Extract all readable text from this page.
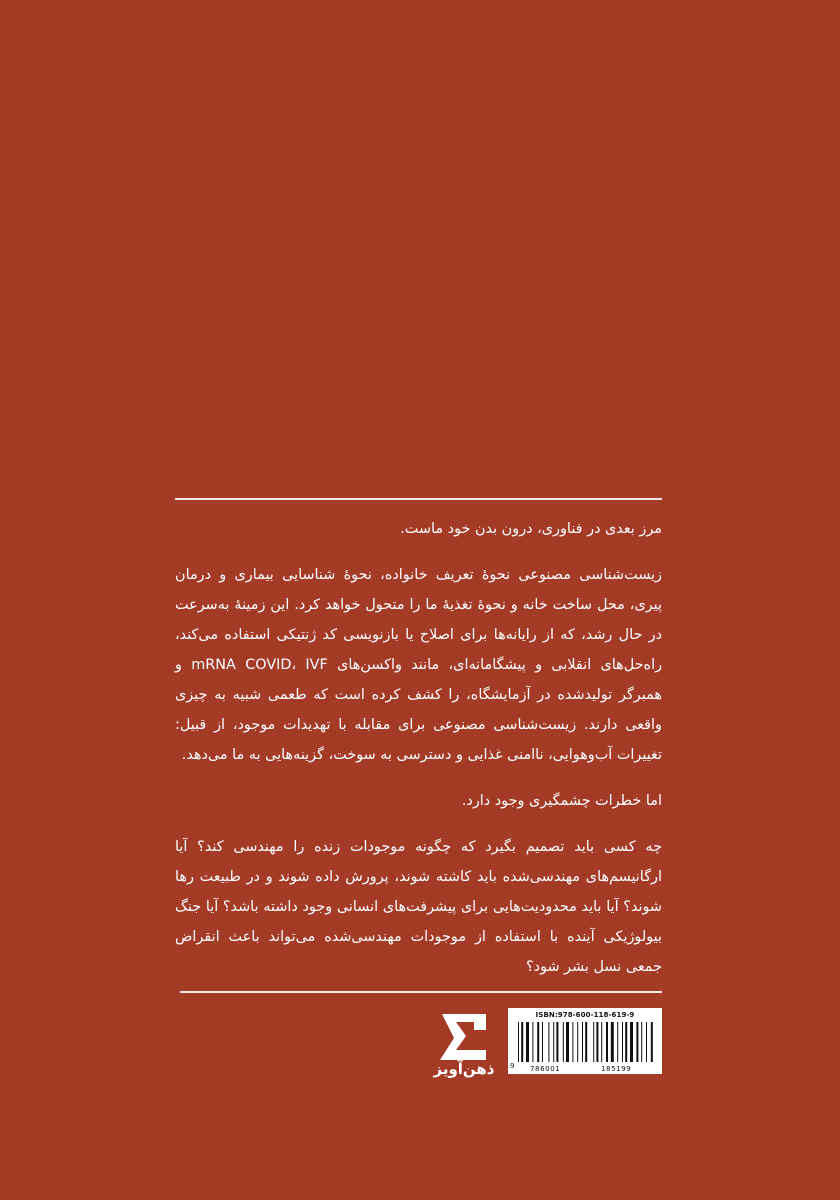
مرز بعدی در فناوری، درون بدن خود ماست.

زیست‌شناسی مصنوعی نحوهٔ تعریف خانواده، نحوهٔ شناسایی بیماری و درمان پیری، محل ساخت خانه و نحوهٔ تغذیهٔ ما را متحول خواهد کرد. این زمینهٔ به‌سرعت در حال رشد، که از رایانه‌ها برای اصلاح یا بازنویسی کد ژنتیکی استفاده می‌کند، راه‌حل‌های انقلابی و پیشگامانه‌ای، مانند واکسن‌های mRNA COVID، IVF و همبرگر تولیدشده در آزمایشگاه، را کشف کرده است که طعمی شبیه به چیزی واقعی دارند. زیست‌شناسی مصنوعی برای مقابله با تهدیدات موجود، از قبیل: تغییرات آب‌وهوایی، ناامنی غذایی و دسترسی به سوخت، گزینه‌هایی به ما می‌دهد.

اما خطرات چشمگیری وجود دارد.

چه کسی باید تصمیم بگیرد که چگونه موجودات زنده را مهندسی کند؟ آیا ارگانیسم‌های مهندسی‌شده باید کاشته شوند، پرورش داده شوند و در طبیعت رها شوند؟ آیا باید محدودیت‌هایی برای پیشرفت‌های انسانی وجود داشته باشد؟ آیا جنگ بیولوژیکی آینده با استفاده از موجودات مهندسی‌شده می‌تواند باعث انقراض جمعی نسل بشر شود؟

ذهن‌آویز
ISBN:978-600-118-619-9
9 786001	185199
